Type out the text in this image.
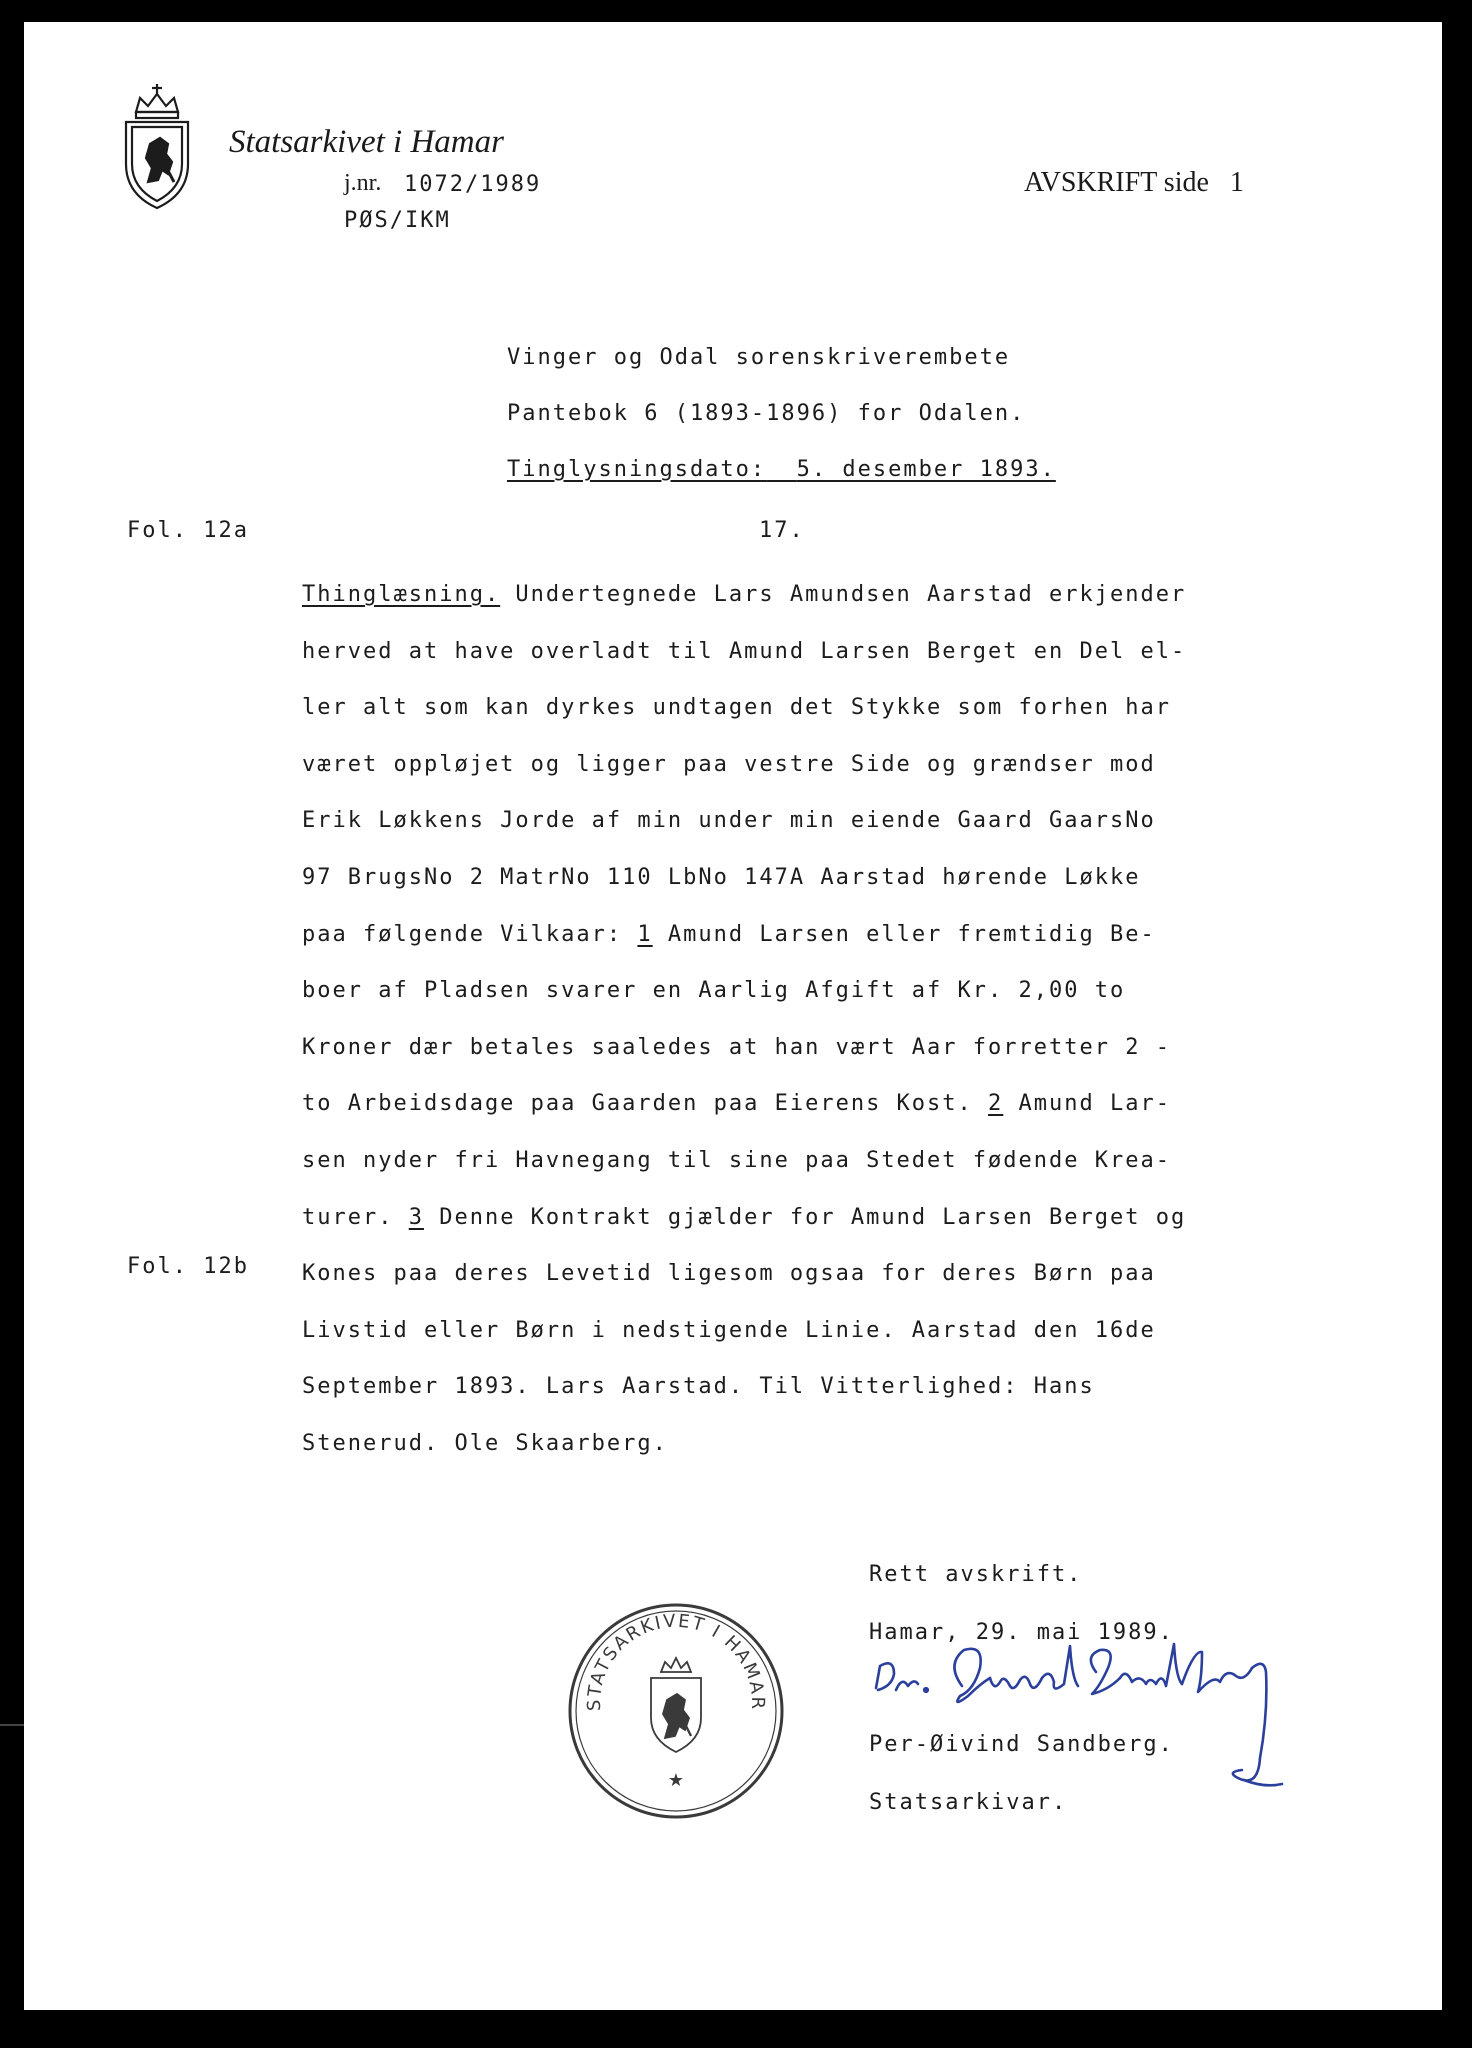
Statsarkivet i Hamar
j.nr. 1072/1989
PØS/IKM
AVSKRIFT side 1
Vinger og Odal sorenskriverembete
Pantebok 6 (1893-1896) for Odalen.
Tinglysningsdato: 5. desember 1893.
Fol. 12a	17.
Fol. 12b
Thinglæsning. Undertegnede Lars Amundsen Aarstad erkjender
herved at have overladt til Amund Larsen Berget en Del el-
ler alt som kan dyrkes undtagen det Stykke som forhen har
været oppløjet og ligger paa vestre Side og grændser mod
Erik Løkkens Jorde af min under min eiende Gaard GaarsNo
97 BrugsNo 2 MatrNo 110 LbNo 147A Aarstad hørende Løkke
paa følgende Vilkaar: 1 Amund Larsen eller fremtidig Be-
boer af Pladsen svarer en Aarlig Afgift af Kr. 2,00 to
Kroner dær betales saaledes at han vært Aar forretter 2 -
to Arbeidsdage paa Gaarden paa Eierens Kost. 2 Amund Lar-
sen nyder fri Havnegang til sine paa Stedet fødende Krea-
turer. 3 Denne Kontrakt gjælder for Amund Larsen Berget og
Kones paa deres Levetid ligesom ogsaa for deres Børn paa
Livstid eller Børn i nedstigende Linie. Aarstad den 16de
September 1893. Lars Aarstad. Til Vitterlighed: Hans
Stenerud. Ole Skaarberg.
Rett avskrift.
Hamar, 29. mai 1989.
Per-Øivind Sandberg.
Statsarkivar.
STATSARKIVET I HAMAR
★
